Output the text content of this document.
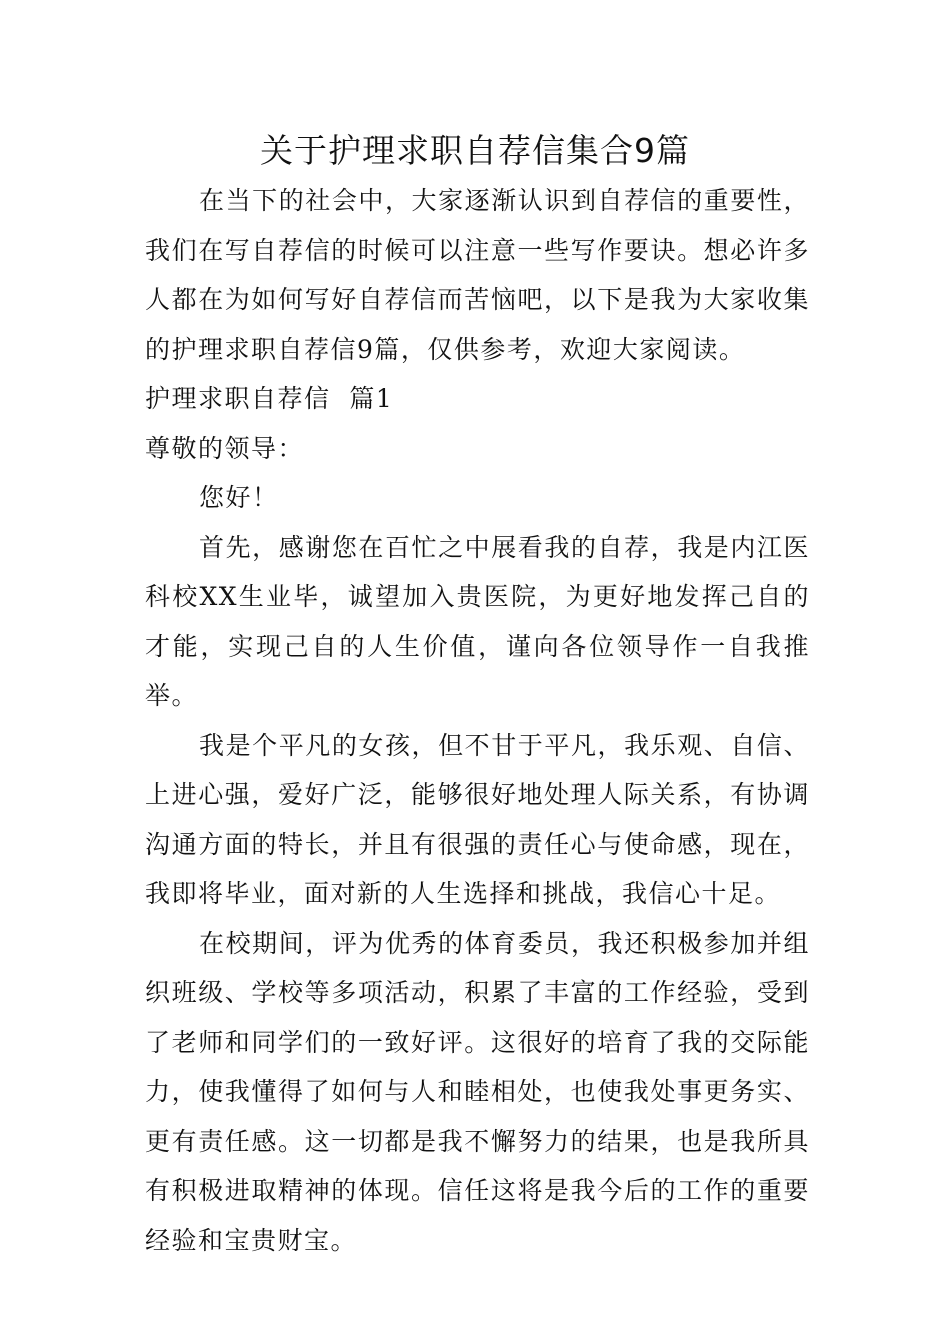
关于护理求职自荐信集合9篇

在当下的社会中，大家逐渐认识到自荐信的重要性，我们在写自荐信的时候可以注意一些写作要诀。想必许多人都在为如何写好自荐信而苦恼吧，以下是我为大家收集的护理求职自荐信9篇，仅供参考，欢迎大家阅读。

护理求职自荐信  篇1

尊敬的领导：

您好！

首先，感谢您在百忙之中展看我的自荐，我是内江医科校XX生业毕，诚望加入贵医院，为更好地发挥己自的才能，实现己自的人生价值，谨向各位领导作一自我推举。

我是个平凡的女孩，但不甘于平凡，我乐观、自信、上进心强，爱好广泛，能够很好地处理人际关系，有协调沟通方面的特长，并且有很强的责任心与使命感，现在，我即将毕业，面对新的人生选择和挑战，我信心十足。

在校期间，评为优秀的体育委员，我还积极参加并组织班级、学校等多项活动，积累了丰富的工作经验，受到了老师和同学们的一致好评。这很好的培育了我的交际能力，使我懂得了如何与人和睦相处，也使我处事更务实、更有责任感。这一切都是我不懈努力的结果，也是我所具有积极进取精神的体现。信任这将是我今后的工作的重要经验和宝贵财宝。
